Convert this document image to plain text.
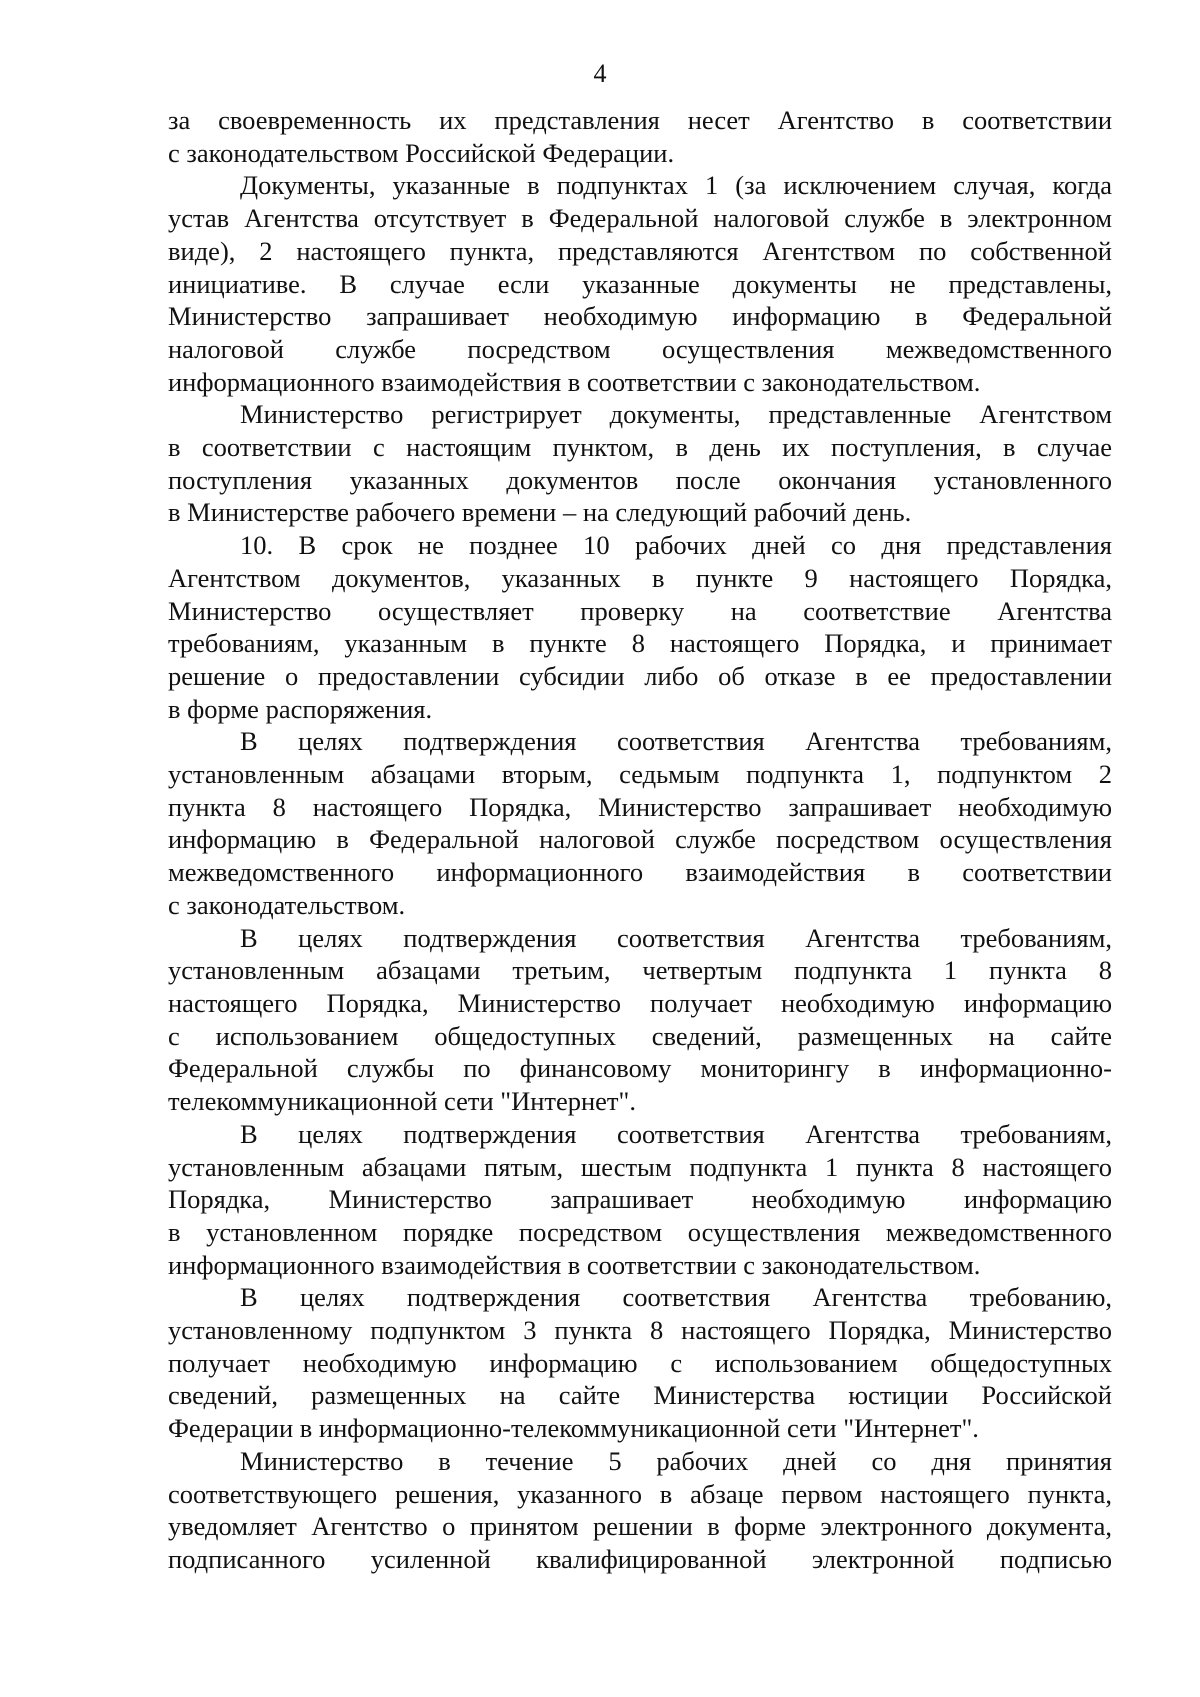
4
за своевременность их представления несет Агентство в соответствии
с законодательством Российской Федерации.
Документы, указанные в подпунктах 1 (за исключением случая, когда
устав Агентства отсутствует в Федеральной налоговой службе в электронном
виде), 2 настоящего пункта, представляются Агентством по собственной
инициативе. В случае если указанные документы не представлены,
Министерство запрашивает необходимую информацию в Федеральной
налоговой службе посредством осуществления межведомственного
информационного взаимодействия в соответствии с законодательством.
Министерство регистрирует документы, представленные Агентством
в соответствии с настоящим пунктом, в день их поступления, в случае
поступления указанных документов после окончания установленного
в Министерстве рабочего времени – на следующий рабочий день.
10. В срок не позднее 10 рабочих дней со дня представления
Агентством документов, указанных в пункте 9 настоящего Порядка,
Министерство осуществляет проверку на соответствие Агентства
требованиям, указанным в пункте 8 настоящего Порядка, и принимает
решение о предоставлении субсидии либо об отказе в ее предоставлении
в форме распоряжения.
В целях подтверждения соответствия Агентства требованиям,
установленным абзацами вторым, седьмым подпункта 1, подпунктом 2
пункта 8 настоящего Порядка, Министерство запрашивает необходимую
информацию в Федеральной налоговой службе посредством осуществления
межведомственного информационного взаимодействия в соответствии
с законодательством.
В целях подтверждения соответствия Агентства требованиям,
установленным абзацами третьим, четвертым подпункта 1 пункта 8
настоящего Порядка, Министерство получает необходимую информацию
с использованием общедоступных сведений, размещенных на сайте
Федеральной службы по финансовому мониторингу в информационно-
телекоммуникационной сети "Интернет".
В целях подтверждения соответствия Агентства требованиям,
установленным абзацами пятым, шестым подпункта 1 пункта 8 настоящего
Порядка, Министерство запрашивает необходимую информацию
в установленном порядке посредством осуществления межведомственного
информационного взаимодействия в соответствии с законодательством.
В целях подтверждения соответствия Агентства требованию,
установленному подпунктом 3 пункта 8 настоящего Порядка, Министерство
получает необходимую информацию с использованием общедоступных
сведений, размещенных на сайте Министерства юстиции Российской
Федерации в информационно-телекоммуникационной сети "Интернет".
Министерство в течение 5 рабочих дней со дня принятия
соответствующего решения, указанного в абзаце первом настоящего пункта,
уведомляет Агентство о принятом решении в форме электронного документа,
подписанного усиленной квалифицированной электронной подписью
